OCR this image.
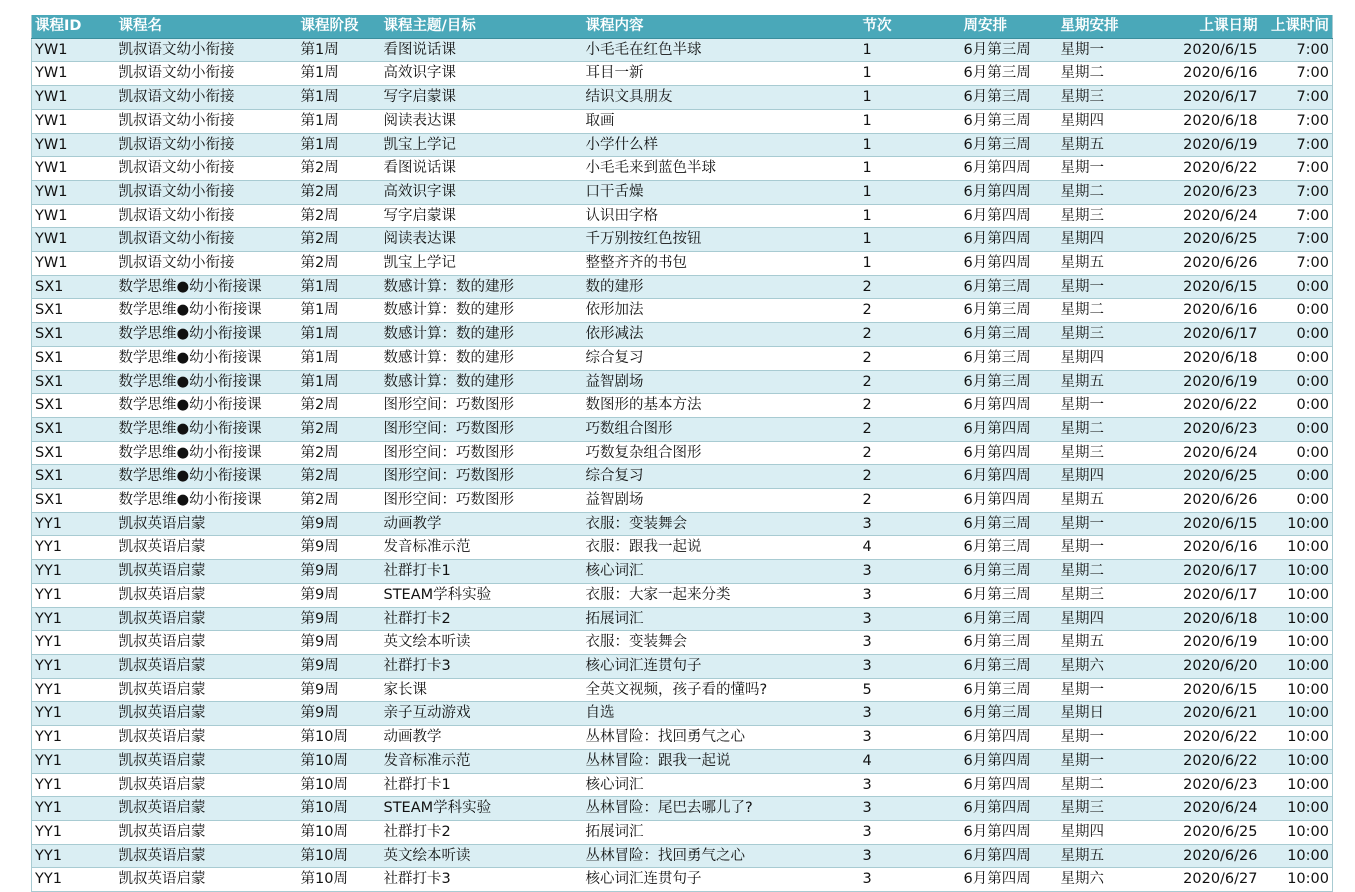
课程ID	课程名	课程阶段	课程主题/目标	课程内容	节次	周安排	星期安排	上课日期	上课时间
YW1	凯叔语文幼小衔接	第1周	看图说话课	小毛毛在红色半球	1	6月第三周	星期一	2020/6/15	7:00
YW1	凯叔语文幼小衔接	第1周	高效识字课	耳目一新	1	6月第三周	星期二	2020/6/16	7:00
YW1	凯叔语文幼小衔接	第1周	写字启蒙课	结识文具朋友	1	6月第三周	星期三	2020/6/17	7:00
YW1	凯叔语文幼小衔接	第1周	阅读表达课	取画	1	6月第三周	星期四	2020/6/18	7:00
YW1	凯叔语文幼小衔接	第1周	凯宝上学记	小学什么样	1	6月第三周	星期五	2020/6/19	7:00
YW1	凯叔语文幼小衔接	第2周	看图说话课	小毛毛来到蓝色半球	1	6月第四周	星期一	2020/6/22	7:00
YW1	凯叔语文幼小衔接	第2周	高效识字课	口干舌燥	1	6月第四周	星期二	2020/6/23	7:00
YW1	凯叔语文幼小衔接	第2周	写字启蒙课	认识田字格	1	6月第四周	星期三	2020/6/24	7:00
YW1	凯叔语文幼小衔接	第2周	阅读表达课	千万别按红色按钮	1	6月第四周	星期四	2020/6/25	7:00
YW1	凯叔语文幼小衔接	第2周	凯宝上学记	整整齐齐的书包	1	6月第四周	星期五	2020/6/26	7:00
SX1	数学思维●幼小衔接课	第1周	数感计算：数的建形	数的建形	2	6月第三周	星期一	2020/6/15	0:00
SX1	数学思维●幼小衔接课	第1周	数感计算：数的建形	依形加法	2	6月第三周	星期二	2020/6/16	0:00
SX1	数学思维●幼小衔接课	第1周	数感计算：数的建形	依形减法	2	6月第三周	星期三	2020/6/17	0:00
SX1	数学思维●幼小衔接课	第1周	数感计算：数的建形	综合复习	2	6月第三周	星期四	2020/6/18	0:00
SX1	数学思维●幼小衔接课	第1周	数感计算：数的建形	益智剧场	2	6月第三周	星期五	2020/6/19	0:00
SX1	数学思维●幼小衔接课	第2周	图形空间：巧数图形	数图形的基本方法	2	6月第四周	星期一	2020/6/22	0:00
SX1	数学思维●幼小衔接课	第2周	图形空间：巧数图形	巧数组合图形	2	6月第四周	星期二	2020/6/23	0:00
SX1	数学思维●幼小衔接课	第2周	图形空间：巧数图形	巧数复杂组合图形	2	6月第四周	星期三	2020/6/24	0:00
SX1	数学思维●幼小衔接课	第2周	图形空间：巧数图形	综合复习	2	6月第四周	星期四	2020/6/25	0:00
SX1	数学思维●幼小衔接课	第2周	图形空间：巧数图形	益智剧场	2	6月第四周	星期五	2020/6/26	0:00
YY1	凯叔英语启蒙	第9周	动画教学	衣服：变装舞会	3	6月第三周	星期一	2020/6/15	10:00
YY1	凯叔英语启蒙	第9周	发音标准示范	衣服：跟我一起说	4	6月第三周	星期一	2020/6/16	10:00
YY1	凯叔英语启蒙	第9周	社群打卡1	核心词汇	3	6月第三周	星期二	2020/6/17	10:00
YY1	凯叔英语启蒙	第9周	STEAM学科实验	衣服：大家一起来分类	3	6月第三周	星期三	2020/6/17	10:00
YY1	凯叔英语启蒙	第9周	社群打卡2	拓展词汇	3	6月第三周	星期四	2020/6/18	10:00
YY1	凯叔英语启蒙	第9周	英文绘本听读	衣服：变装舞会	3	6月第三周	星期五	2020/6/19	10:00
YY1	凯叔英语启蒙	第9周	社群打卡3	核心词汇连贯句子	3	6月第三周	星期六	2020/6/20	10:00
YY1	凯叔英语启蒙	第9周	家长课	全英文视频，孩子看的懂吗?	5	6月第三周	星期一	2020/6/15	10:00
YY1	凯叔英语启蒙	第9周	亲子互动游戏	自选	3	6月第三周	星期日	2020/6/21	10:00
YY1	凯叔英语启蒙	第10周	动画教学	丛林冒险：找回勇气之心	3	6月第四周	星期一	2020/6/22	10:00
YY1	凯叔英语启蒙	第10周	发音标准示范	丛林冒险：跟我一起说	4	6月第四周	星期一	2020/6/22	10:00
YY1	凯叔英语启蒙	第10周	社群打卡1	核心词汇	3	6月第四周	星期二	2020/6/23	10:00
YY1	凯叔英语启蒙	第10周	STEAM学科实验	丛林冒险：尾巴去哪儿了?	3	6月第四周	星期三	2020/6/24	10:00
YY1	凯叔英语启蒙	第10周	社群打卡2	拓展词汇	3	6月第四周	星期四	2020/6/25	10:00
YY1	凯叔英语启蒙	第10周	英文绘本听读	丛林冒险：找回勇气之心	3	6月第四周	星期五	2020/6/26	10:00
YY1	凯叔英语启蒙	第10周	社群打卡3	核心词汇连贯句子	3	6月第四周	星期六	2020/6/27	10:00
